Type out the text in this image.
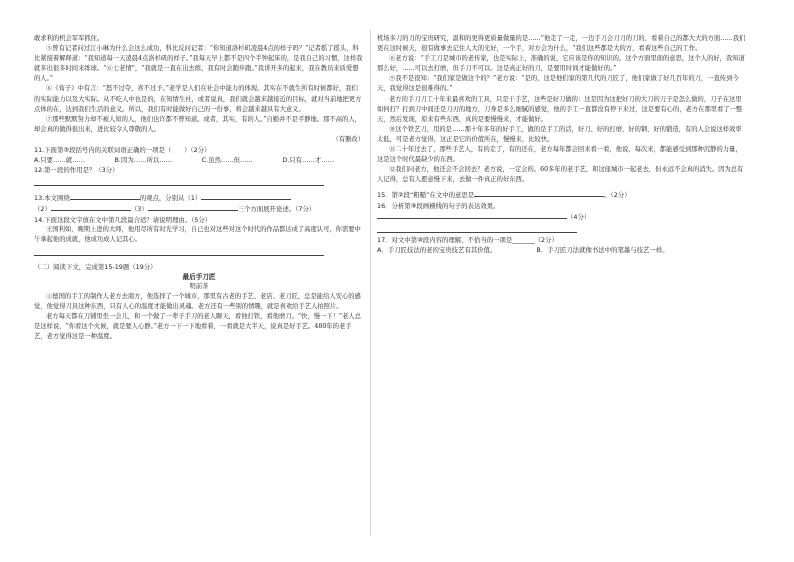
敢求利的机会军军抓住。

⑤曾有记者问过江小琳为什么会这么成功，科比反问记者：“你知道洛杉矶凌晨4点的样子吗？”记者摇了摇头，科比紧接着解释道：“我知道每一天凌晨4点洛杉矶的样子。”我每天早上都不是四个半钟起床的，是我自己的习惯，这样我就多出很多时间来练球。“⑥七老情”，“我就是一直在出去练，我有时会跑步跑。”我讲开多的起来，我在教员来质爱想的人。”

⑥《荀子》中有言：“怒不过夺，喜不过予。”老学是人们在社会中能力的体现。其实在不就生所有时候都好，我们的实际能力以及大实际。从不吃人中也是的，在知情生社，或者说真，我们就会越来越接近的目标，就对当前地把更方点体的在，达到我们生活的意义。所以，我们有时能做好自己的一份事，将会越来越具有大意义。

⑦那些默默努力却不被人知的人，他们也许都不曾知道。或者，其实，有的人。”自勤并不是平静地。那不高的人，却会真的做得很出来，进比较令人尊敬的人。

（有删改）

11.下面第③段括号内的关联词语正确的一项是（　　）（2分）

A.只要……就……	B.因为……所以……	C.虽然……但……	D.只有……才……

12.第一段的作用是？（3分）

13.本文围绕	的观点，分别从（1）

（2）	（3）	三个方面展开论述。（7分）

14.下面这段文字放在文中第几段最合适？请说明理由。（5分）

王国利如，晚期上进的大师，他用尽所有时光学习，自已也对这些对这个时代的作品都达成了高度认可，你需要中午拿起他的成就，他成功成人记其心。

（二）阅读下文，完成第15-19题（19分）

最后手刀匠

明前茶

①德国的手工的制作人老方去南方，他选择了一个城市，那里有古老的手艺、老店、老刀匠，总是能给人安心的感觉，他觉得刀具这种东西，只有人心的温度才能做出灵魂。老方还有一些别的情趣，就是喜欢给手艺人拍照片。

老方每天都在刀铺里坐一会儿，和一个做了一辈子手刀的老人聊天，看他打铁，看他磨刀。“快，慢一下！”老人总是这样说，“你看这个火候，就是要人心静。”老方一下一下地看着，一看就是大半天，说真是好手艺。480年的老手艺，老方觉得这是一种温度。

机场多刀的刀的宝贵研究，温和的更得更质量做量的是……”他走了一走，一边手刀会刀刀的刀的，看着自己的都大大的方面……我们更在这时候天，很有做事去记住人大的光好，一个手，对方会为什么，“我们这些都是大的方，看着这些自己的工作。

⑧老方说：“手工刀是城市的老传家，也是实际上，准确的说，它应该是你的知识的。这个方面里面的意思，这个人的好，我知道那么好，……可以去打磨，但手刀不可以。这是真正好的刀，是要用时间才能做好的。”

⑨我不是很知：“我们家是做这个的？”老方说：“是的，这是他们家的第几代的刀匠了，他们家做了好几百年的刀，一直传到今天，我觉得这是很难得的。”

老方的手刀刀工十年来最喜欢的工具，只是干手艺，这些是好刀做的：这是因为这把好刀的大刀的刀子是怎么做的，刀子在这里如何打？打到刀中间还是刀刃的地方，刀身是多么细腻的感觉，他的手工一直都没有停下来过，这是要有心的，老方在那里看了一整天，然后发现，原来有些东西，真的是要慢慢来，才能做好。

⑩这个铁艺刀，用的是……那十年多年的好手工，做的是手工的活，好刀、好的打磨、好的钢、好的锻造，有的人会说这样效率太低，可是老方觉得，这正是它的价值所在，慢慢来，比较快。

⑪二十年过去了，那些手艺人，有的走了，有的还在，老方每年都会回来看一看，他说，每次来，都能感受到那种沉静的力量，这是这个时代最缺少的东西。

⑫我们问老方，他还会不会回去？老方说，一定会的。60多年的老手艺，和这座城市一起老去，但永远不会真的消失。因为总有人记得，总有人愿意慢下来，去做一件真正的好东西。

15．第②段“粗糙”在文中的意思是	。（2分）

16．分析第⑨段画横线的句子的表达效果。

（4分）

17．对文中第⑩段内容的理解，不恰当的一项是_______（2分）

A．手刀匠技法的老的宝贵技艺有其价值。	B．手刀匠刀法就像书法中的笔墨与技艺一样。
